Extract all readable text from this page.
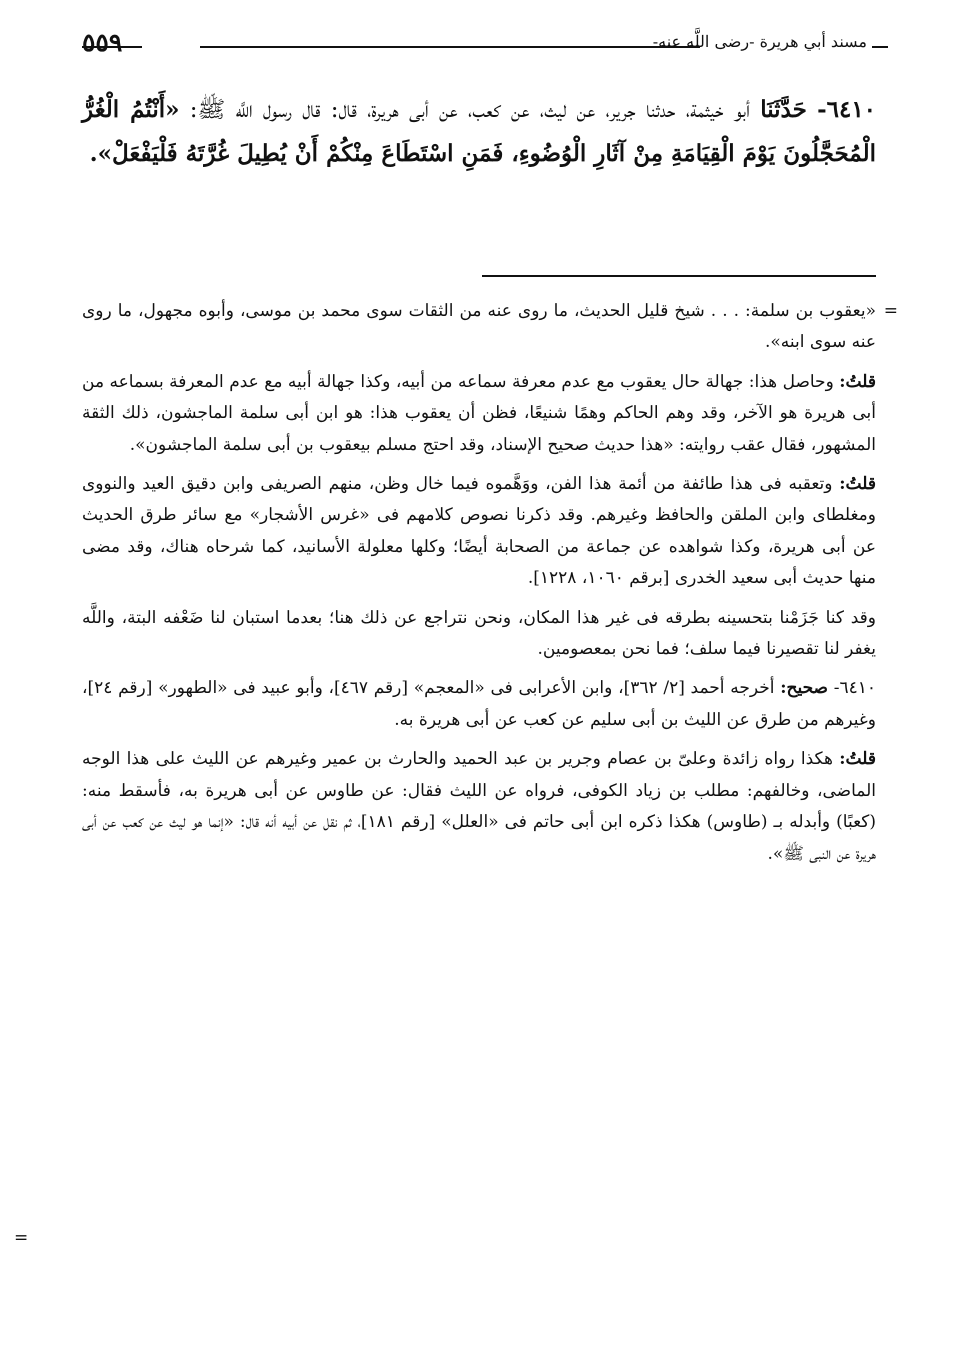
٥٥٩	مسند أبي هريرة -رضى اللَّه عنه-
٦٤١٠- حَدَّثَنَا أبو خيثمة، حدثنا جرير، عن ليث، عن كعب، عن أبى هريرة، قال: قال رسول اللَّه ﷺ: «أَنْتُمُ الْغُرُّ الْمُحَجَّلُونَ يَوْمَ الْقِيَامَةِ مِنْ آثَارِ الْوُضُوءِ، فَمَنِ اسْتَطَاعَ مِنْكُمْ أَنْ يُطِيلَ غُرَّتَهُ فَلْيَفْعَلْ».

=
«يعقوب بن سلمة: . . . شيخ قليل الحديث، ما روى عنه من الثقات سوى محمد بن موسى، وأبوه مجهول، ما روى عنه سوى ابنه».

قلتُ: وحاصل هذا: جهالة حال يعقوب مع عدم معرفة سماعه من أبيه، وكذا جهالة أبيه مع عدم المعرفة بسماعه من أبى هريرة هو الآخر، وقد وهم الحاكم وهمًا شنيعًا، فظن أن يعقوب هذا: هو ابن أبى سلمة الماجشون، ذلك الثقة المشهور، فقال عقب روايته: «هذا حديث صحيح الإسناد، وقد احتج مسلم بيعقوب بن أبى سلمة الماجشون».

قلتُ: وتعقبه فى هذا طائفة من أئمة هذا الفن، ووَهَّموه فيما خال وظن، منهم الصريفى وابن دقيق العيد والنووى ومغلطاى وابن الملقن والحافظ وغيرهم. وقد ذكرنا نصوص كلامهم فى «غرس الأشجار» مع سائر طرق الحديث عن أبى هريرة، وكذا شواهده عن جماعة من الصحابة أيضًا؛ وكلها معلولة الأسانيد، كما شرحاه هناك، وقد مضى منها حديث أبى سعيد الخدرى [برقم ١٠٦٠، ١٢٢٨].

وقد كنا جَزَمْنا بتحسينه بطرقه فى غير هذا المكان، ونحن نتراجع عن ذلك هنا؛ بعدما استبان لنا ضَعْفه البتة، واللَّه يغفر لنا تقصيرنا فيما سلف؛ فما نحن بمعصومين.

٦٤١٠- صحيح: أخرجه أحمد [٢/ ٣٦٢]، وابن الأعرابى فى «المعجم» [رقم ٤٦٧]، وأبو عبيد فى «الطهور» [رقم ٢٤]، وغيرهم من طرق عن الليث بن أبى سليم عن كعب عن أبى هريرة به.

قلتُ: هكذا رواه زائدة وعلىّ بن عصام وجرير بن عبد الحميد والحارث بن عمير وغيرهم عن الليث على هذا الوجه الماضى، وخالفهم: مطلب بن زياد الكوفى، فرواه عن الليث فقال: عن طاوس عن أبى هريرة به، فأسقط منه: (كعبًا) وأبدله بـ (طاوس) هكذا ذكره ابن أبى حاتم فى «العلل» [رقم ١٨١]، ثم نقل عن أبيه أنه قال: «إنما هو ليث عن كعب عن أبى هريرة عن النبى ﷺ».

=
